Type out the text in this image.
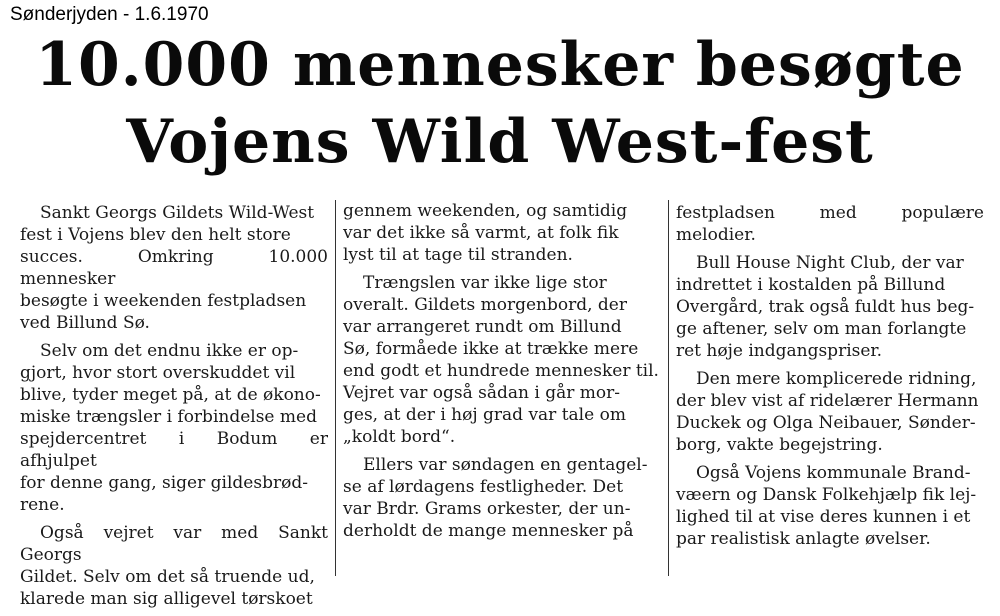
Sønderjyden - 1.6.1970
10.000 mennesker besøgte
Vojens Wild West-fest

Sankt Georgs Gildets Wild-West
fest i Vojens blev den helt store
succes. Omkring 10.000 mennesker
besøgte i weekenden festpladsen
ved Billund Sø.

Selv om det endnu ikke er op-
gjort, hvor stort overskuddet vil
blive, tyder meget på, at de økono-
miske trængsler i forbindelse med
spejdercentret i Bodum er afhjulpet
for denne gang, siger gildesbrød-
rene.

Også vejret var med Sankt Georgs
Gildet. Selv om det så truende ud,
klarede man sig alligevel tørskoet

gennem weekenden, og samtidig
var det ikke så varmt, at folk fik
lyst til at tage til stranden.

Trængslen var ikke lige stor
overalt. Gildets morgenbord, der
var arrangeret rundt om Billund
Sø, formåede ikke at trække mere
end godt et hundrede mennesker til.
Vejret var også sådan i går mor-
ges, at der i høj grad var tale om
„koldt bord“.

Ellers var søndagen en gentagel-
se af lørdagens festligheder. Det
var Brdr. Grams orkester, der un-
derholdt de mange mennesker på

festpladsen med populære melodier.

Bull House Night Club, der var
indrettet i kostalden på Billund
Overgård, trak også fuldt hus beg-
ge aftener, selv om man forlangte
ret høje indgangspriser.

Den mere komplicerede ridning,
der blev vist af ridelærer Hermann
Duckek og Olga Neibauer, Sønder-
borg, vakte begejstring.

Også Vojens kommunale Brand-
væern og Dansk Folkehjælp fik lej-
lighed til at vise deres kunnen i et
par realistisk anlagte øvelser.
